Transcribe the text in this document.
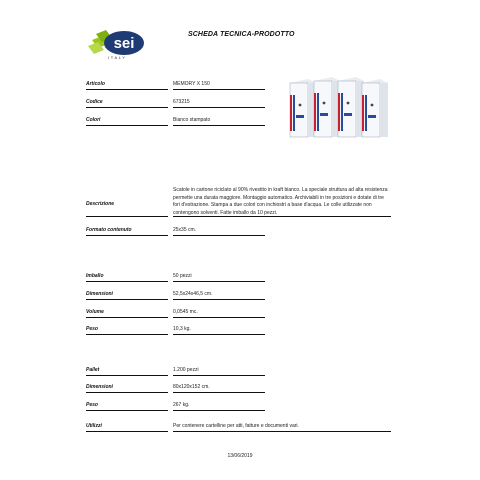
sei
ITALY
SCHEDA TECNICA-PRODOTTO
Articolo	MEMORY X 150
Codice	673215
Colori	Bianco stampato
Descrizione
Scatole in cartone riciclato al 90% rivestito in kraft bianco. La speciale struttura ad alta resistenza permette una durata maggiore. Montaggio automatico. Archiviabili in tre posizioni e dotate di tre fori d'estrazione. Stampa a due colori con inchiostri a base d'acqua. Le colle utilizzate non contengono solventi. Fatte imballo da 10 pezzi.
Formato contenuto	25x35 cm.
Imballo	50 pezzi
Dimensioni	52,5x24x46,5 cm.
Volume	0,0545 mc.
Peso	10,3 kg.
Pallet	1.200 pezzi
Dimensioni	80x120x152 cm.
Peso	267 kg.
Utilizzi	Per contenere cartelline per atti, fatture e documenti vari.
13/06/2019
